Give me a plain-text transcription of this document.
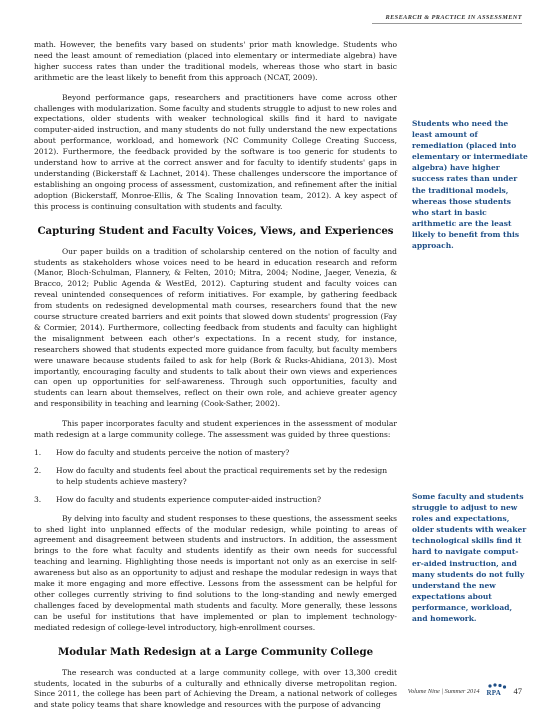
RESEARCH & PRACTICE IN ASSESSMENT

math. However, the benefits vary based on students' prior math knowledge. Students who need the least amount of remediation (placed into elementary or intermediate algebra) have higher success rates than under the traditional models, whereas those who start in basic arithmetic are the least likely to benefit from this approach (NCAT, 2009).

Beyond performance gaps, researchers and practitioners have come across other challenges with modularization. Some faculty and students struggle to adjust to new roles and expectations, older students with weaker technological skills find it hard to navigate computer-aided instruction, and many students do not fully understand the new expectations about performance, workload, and homework (NC Community College Creating Success, 2012). Furthermore, the feedback provided by the software is too generic for students to understand how to arrive at the correct answer and for faculty to identify students' gaps in understanding (Bickerstaff & Lachnet, 2014). These challenges underscore the importance of establishing an ongoing process of assessment, customization, and refinement after the initial adoption (Bickerstaff, Monroe-Ellis, & The Scaling Innovation team, 2012). A key aspect of this process is continuing consultation with students and faculty.

Capturing Student and Faculty Voices, Views, and Experiences

Our paper builds on a tradition of scholarship centered on the notion of faculty and students as stakeholders whose voices need to be heard in education research and reform (Manor, Bloch-Schulman, Flannery, & Felten, 2010; Mitra, 2004; Nodine, Jaeger, Venezia, & Bracco, 2012; Public Agenda & WestEd, 2012). Capturing student and faculty voices can reveal unintended consequences of reform initiatives. For example, by gathering feedback from students on redesigned developmental math courses, researchers found that the new course structure created barriers and exit points that slowed down students' progression (Fay & Cormier, 2014). Furthermore, collecting feedback from students and faculty can highlight the misalignment between each other's expectations. In a recent study, for instance, researchers showed that students expected more guidance from faculty, but faculty members were unaware because students failed to ask for help (Bork & Rucks-Ahidiana, 2013). Most importantly, encouraging faculty and students to talk about their own views and experiences can open up opportunities for self-awareness. Through such opportunities, faculty and students can learn about themselves, reflect on their own role, and achieve greater agency and responsibility in teaching and learning (Cook-Sather, 2002).

This paper incorporates faculty and student experiences in the assessment of modular math redesign at a large community college. The assessment was guided by three questions:

1.	How do faculty and students perceive the notion of mastery?
2.	How do faculty and students feel about the practical requirements set by the redesign to help students achieve mastery?
3.	How do faculty and students experience computer-aided instruction?

By delving into faculty and student responses to these questions, the assessment seeks to shed light into unplanned effects of the modular redesign, while pointing to areas of agreement and disagreement between students and instructors. In addition, the assessment brings to the fore what faculty and students identify as their own needs for successful teaching and learning. Highlighting those needs is important not only as an exercise in self-awareness but also as an opportunity to adjust and reshape the modular redesign in ways that make it more engaging and more effective. Lessons from the assessment can be helpful for other colleges currently striving to find solutions to the long-standing and newly emerged challenges faced by developmental math students and faculty. More generally, these lessons can be useful for institutions that have implemented or plan to implement technology-mediated redesign of college-level introductory, high-enrollment courses.

Modular Math Redesign at a Large Community College

The research was conducted at a large community college, with over 13,300 credit students, located in the suburbs of a culturally and ethnically diverse metropolitan region. Since 2011, the college has been part of Achieving the Dream, a national network of colleges and state policy teams that share knowledge and resources with the purpose of advancing

Students who need the least amount of remediation (placed into elementary or intermediate algebra) have higher success rates than under the traditional models, whereas those students who start in basic arithmetic are the least likely to benefit from this approach.
Some faculty and students struggle to adjust to new roles and expectations, older students with weaker technological skills find it hard to navigate comput-er-aided instruction, and many students do not fully understand the new expectations about performance, workload, and homework.
Volume Nine | Summer 2014 RPA 47
